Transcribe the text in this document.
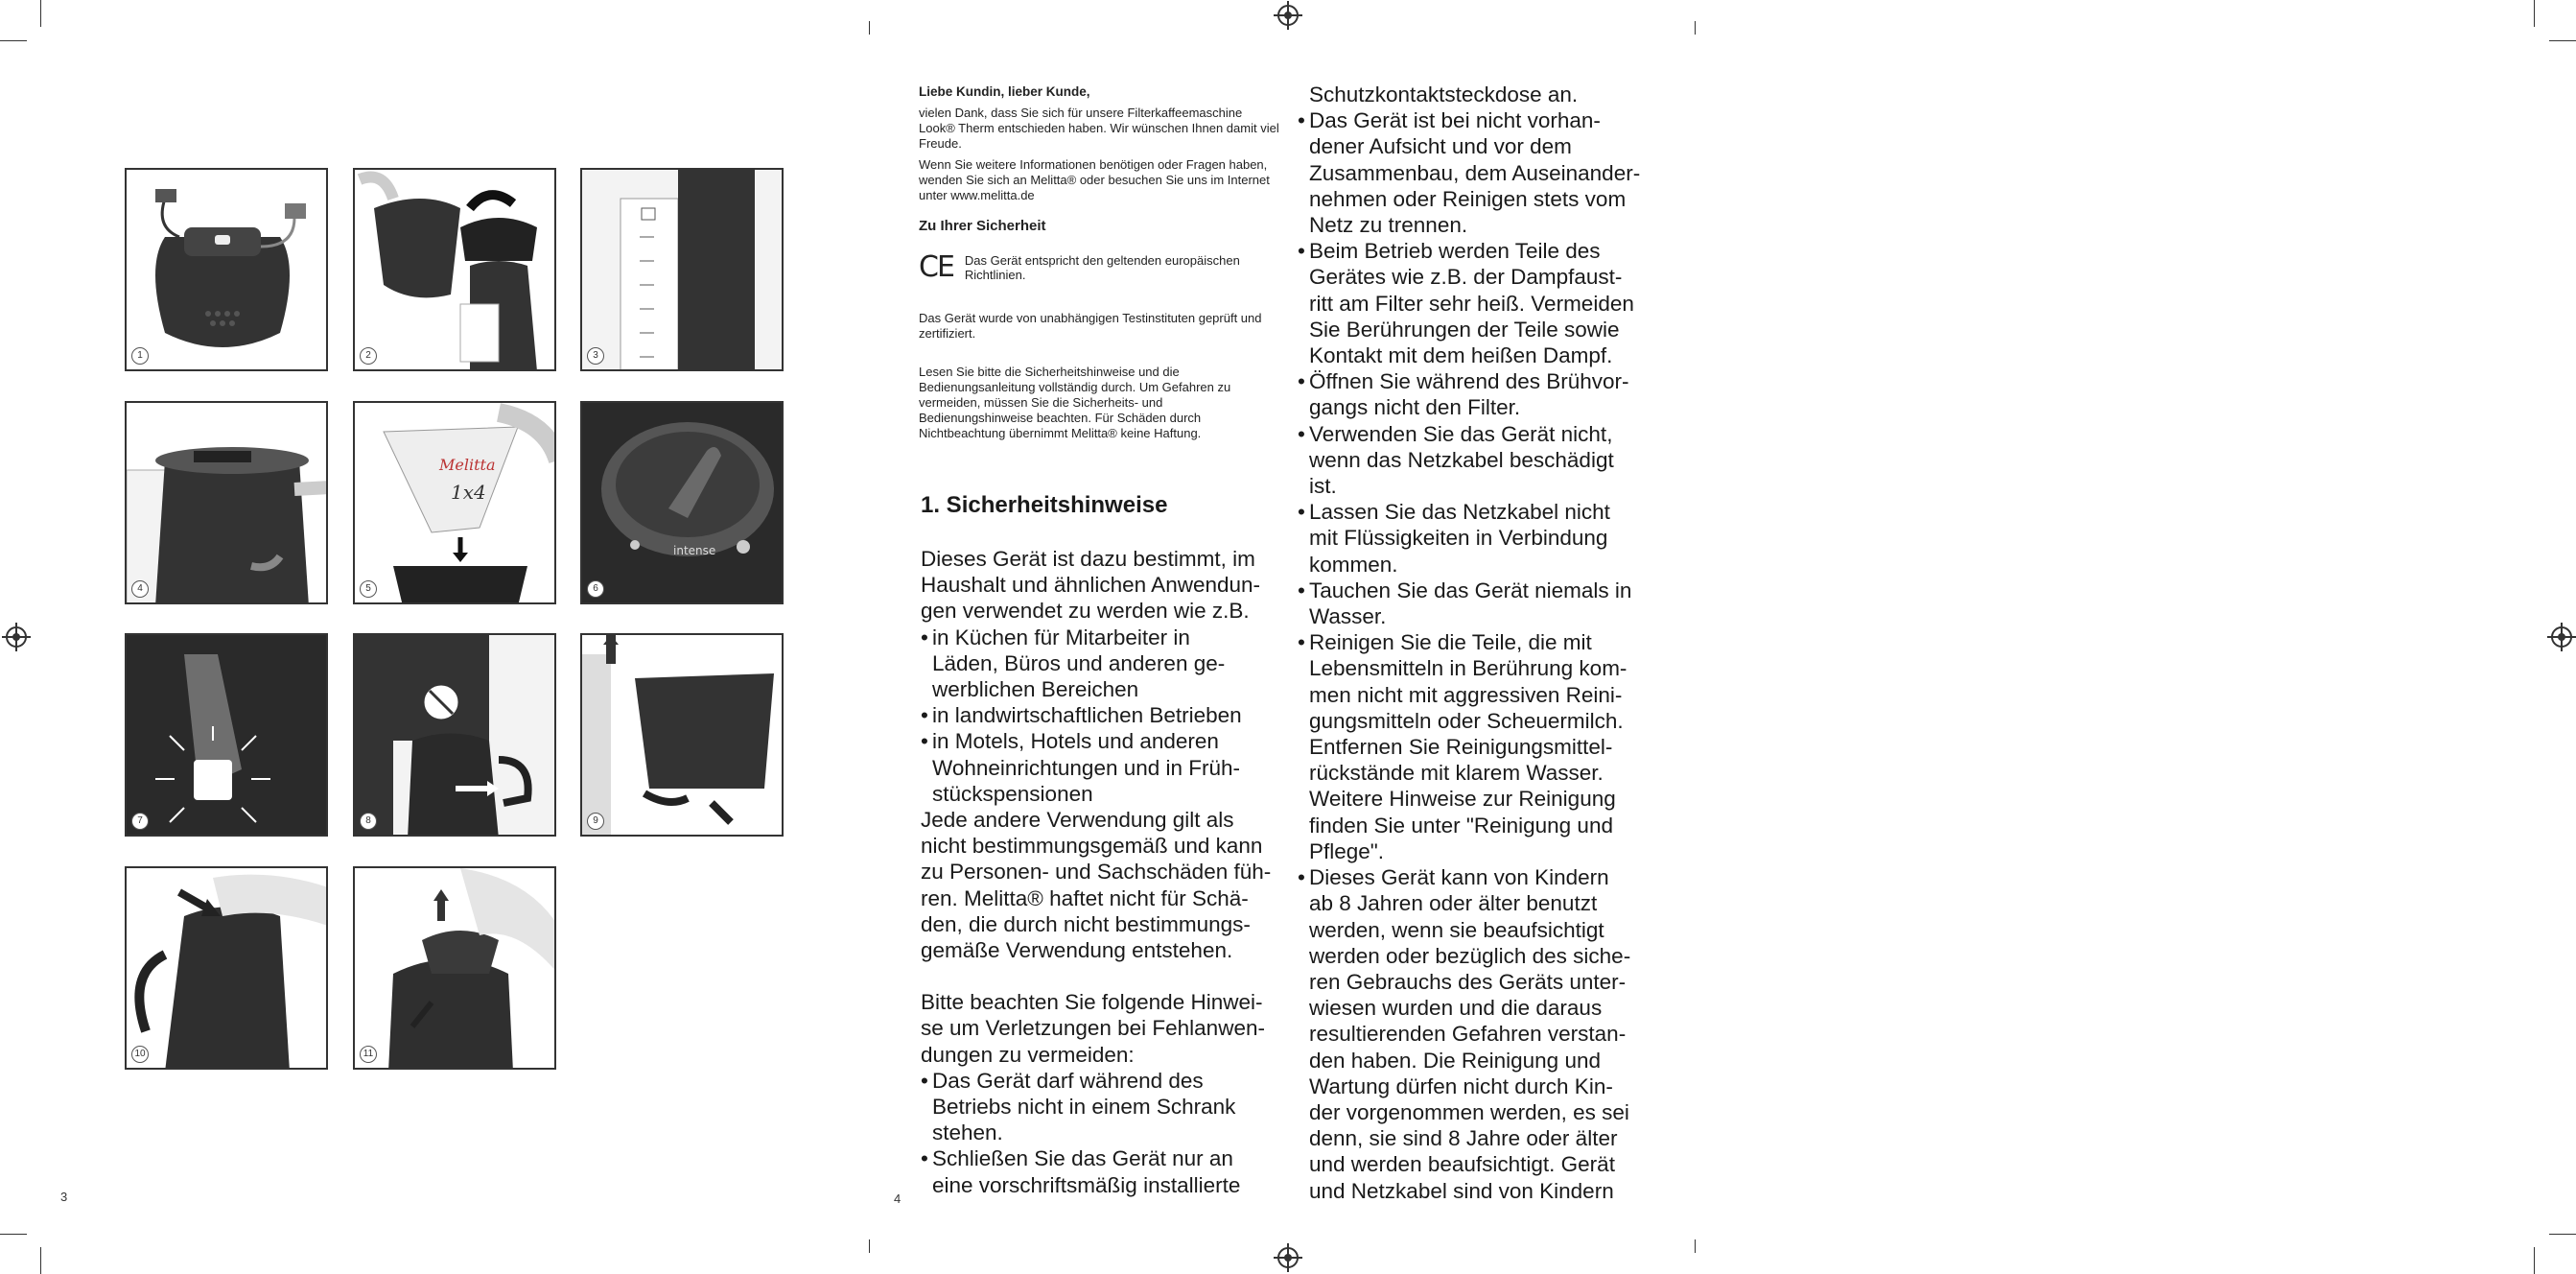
1	2	3
4
Melitta
1x4
5
intense
6
7	8	9
10	11
3	4

Liebe Kundin, lieber Kunde,

vielen Dank, dass Sie sich für unsere Filterkaffeemaschine Look® Therm entschieden haben. Wir wünschen Ihnen damit viel Freude.

Wenn Sie weitere Informationen benötigen oder Fragen haben, wenden Sie sich an Melitta® oder besuchen Sie uns im Internet unter www.melitta.de

Zu Ihrer Sicherheit

CE Das Gerät entspricht den geltenden europäischen Richtlinien.

Das Gerät wurde von unabhängigen Testinstituten geprüft und zertifiziert.

Lesen Sie bitte die Sicherheitshinweise und die Bedienungsanleitung vollständig durch. Um Gefahren zu vermeiden, müssen Sie die Sicherheits- und Bedienungshinweise beachten. Für Schäden durch Nichtbeachtung übernimmt Melitta® keine Haftung.

1. Sicherheitshinweise

Dieses Gerät ist dazu bestimmt, im

Haushalt und ähnlichen Anwendun-

gen verwendet zu werden wie z.B.

• in Küchen für Mitarbeiter in

Läden, Büros und anderen ge-

werblichen Bereichen

• in landwirtschaftlichen Betrieben

• in Motels, Hotels und anderen

Wohneinrichtungen und in Früh-

stückspensionen

Jede andere Verwendung gilt als

nicht bestimmungsgemäß und kann

zu Personen- und Sachschäden füh-

ren. Melitta® haftet nicht für Schä-

den, die durch nicht bestimmungs-

gemäße Verwendung entstehen.

Bitte beachten Sie folgende Hinwei-

se um Verletzungen bei Fehlanwen-

dungen zu vermeiden:

• Das Gerät darf während des

Betriebs nicht in einem Schrank

stehen.

• Schließen Sie das Gerät nur an

eine vorschriftsmäßig installierte

Schutzkontaktsteckdose an.

• Das Gerät ist bei nicht vorhan-

dener Aufsicht und vor dem

Zusammenbau, dem Auseinander-

nehmen oder Reinigen stets vom

Netz zu trennen.

• Beim Betrieb werden Teile des

Gerätes wie z.B. der Dampfaust-

ritt am Filter sehr heiß. Vermeiden

Sie Berührungen der Teile sowie

Kontakt mit dem heißen Dampf.

• Öffnen Sie während des Brühvor-

gangs nicht den Filter.

• Verwenden Sie das Gerät nicht,

wenn das Netzkabel beschädigt

ist.

• Lassen Sie das Netzkabel nicht

mit Flüssigkeiten in Verbindung

kommen.

• Tauchen Sie das Gerät niemals in

Wasser.

• Reinigen Sie die Teile, die mit

Lebensmitteln in Berührung kom-

men nicht mit aggressiven Reini-

gungsmitteln oder Scheuermilch.

Entfernen Sie Reinigungsmittel-

rückstände mit klarem Wasser.

Weitere Hinweise zur Reinigung

finden Sie unter "Reinigung und

Pflege".

• Dieses Gerät kann von Kindern

ab 8 Jahren oder älter benutzt

werden, wenn sie beaufsichtigt

werden oder bezüglich des siche-

ren Gebrauchs des Geräts unter-

wiesen wurden und die daraus

resultierenden Gefahren verstan-

den haben. Die Reinigung und

Wartung dürfen nicht durch Kin-

der vorgenommen werden, es sei

denn, sie sind 8 Jahre oder älter

und werden beaufsichtigt. Gerät

und Netzkabel sind von Kindern
